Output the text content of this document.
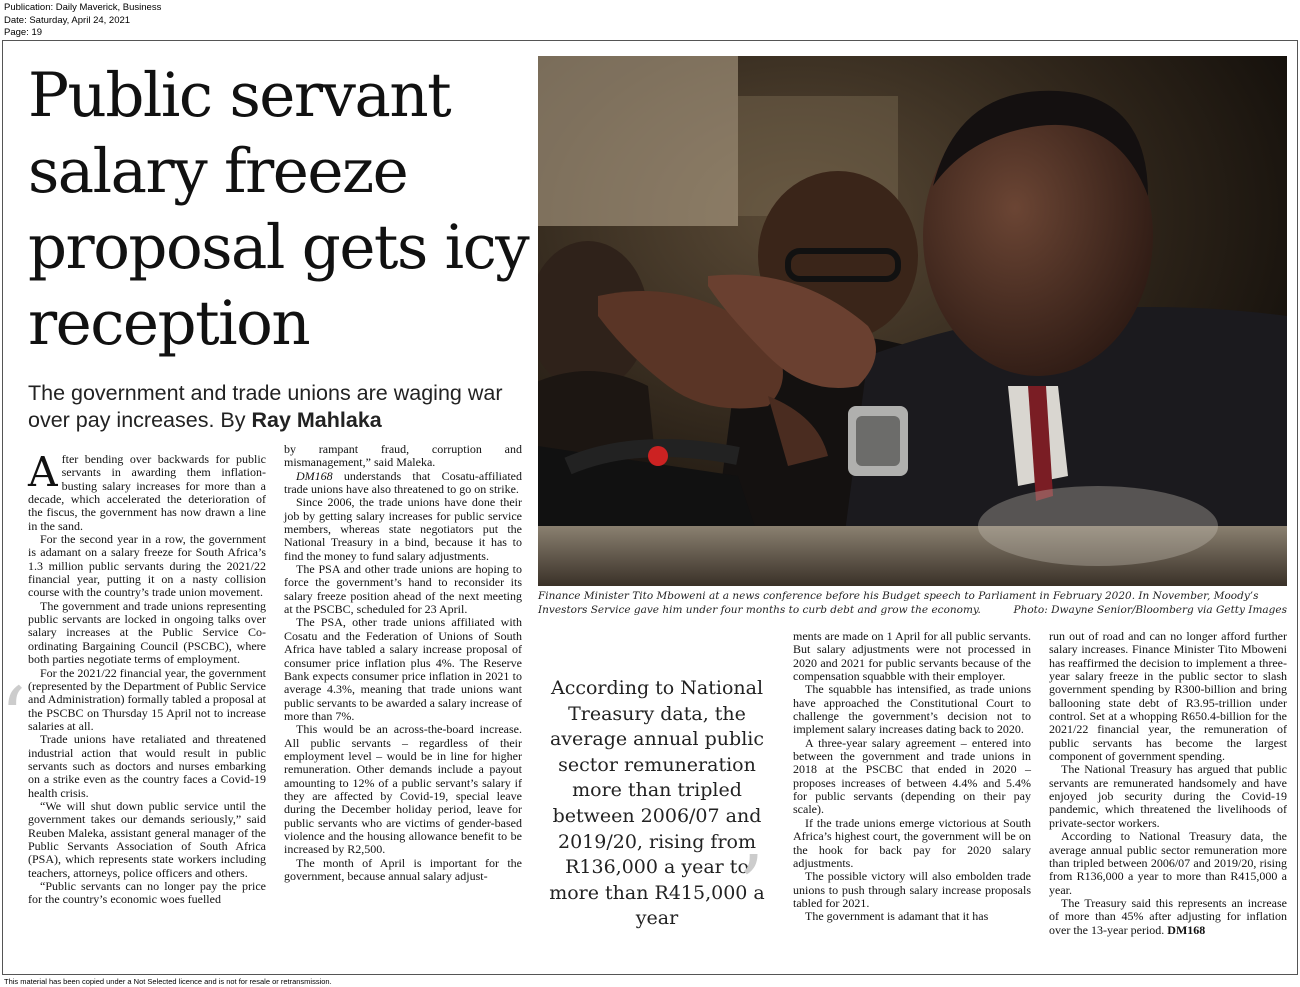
Publication: Daily Maverick, Business
Date: Saturday, April 24, 2021
Page: 19
Public servant salary freeze proposal gets icy reception
The government and trade unions are waging war over pay increases. By Ray Mahlaka
Finance Minister Tito Mboweni at a news conference before his Budget speech to Parliament in February 2020. In November, Moody’s Investors Service gave him under four months to curb debt and grow the economy.	Photo: Dwayne Senior/Bloomberg via Getty Images

After bending over backwards for public servants in awarding them inflation-busting salary increases for more than a decade, which accelerated the deterioration of the fiscus, the government has now drawn a line in the sand.

For the second year in a row, the government is adamant on a salary freeze for South Africa’s 1.3 million public servants during the 2021/22 financial year, putting it on a nasty collision course with the country’s trade union movement.

The government and trade unions representing public servants are locked in ongoing talks over salary increases at the Public Service Co-ordinating Bargaining Council (PSCBC), where both parties negotiate terms of employment.

For the 2021/22 financial year, the government (represented by the Department of Public Service and Administration) formally tabled a proposal at the PSCBC on Thursday 15 April not to increase salaries at all.

Trade unions have retaliated and threatened industrial action that would result in public servants such as doctors and nurses embarking on a strike even as the country faces a Covid-19 health crisis.

“We will shut down public service until the government takes our demands seriously,” said Reuben Maleka, assistant general manager of the Public Servants Association of South Africa (PSA), which represents state workers including teachers, attorneys, police officers and others.

“Public servants can no longer pay the price for the country’s economic woes fuelled

by rampant fraud, corruption and mismanagement,” said Maleka.

DM168 understands that Cosatu-affiliated trade unions have also threatened to go on strike.

Since 2006, the trade unions have done their job by getting salary increases for public service members, whereas state negotiators put the National Treasury in a bind, because it has to find the money to fund salary adjustments.

The PSA and other trade unions are hoping to force the government’s hand to reconsider its salary freeze position ahead of the next meeting at the PSCBC, scheduled for 23 April.

The PSA, other trade unions affiliated with Cosatu and the Federation of Unions of South Africa have tabled a salary increase proposal of consumer price inflation plus 4%. The Reserve Bank expects consumer price inflation in 2021 to average 4.3%, meaning that trade unions want public servants to be awarded a salary increase of more than 7%.

This would be an across-the-board increase. All public servants – regardless of their employment level – would be in line for higher remuneration. Other demands include a payout amounting to 12% of a public servant’s salary if they are affected by Covid-19, special leave during the December holiday period, leave for public servants who are victims of gender-based violence and the housing allowance benefit to be increased by R2,500.

The month of April is important for the government, because annual salary adjust-

‘	According to National Treasury data, the average annual public sector remuneration more than tripled between 2006/07 and 2019/20, rising from R136,000 a year to more than R415,000 a year ’

ments are made on 1 April for all public servants. But salary adjustments were not processed in 2020 and 2021 for public servants because of the compensation squabble with their employer.

The squabble has intensified, as trade unions have approached the Constitutional Court to challenge the government’s decision not to implement salary increases dating back to 2020.

A three-year salary agreement – entered into between the government and trade unions in 2018 at the PSCBC that ended in 2020 – proposes increases of between 4.4% and 5.4% for public servants (depending on their pay scale).

If the trade unions emerge victorious at South Africa’s highest court, the government will be on the hook for back pay for 2020 salary adjustments.

The possible victory will also embolden trade unions to push through salary increase proposals tabled for 2021.

The government is adamant that it has

run out of road and can no longer afford further salary increases. Finance Minister Tito Mboweni has reaffirmed the decision to implement a three-year salary freeze in the public sector to slash government spending by R300-billion and bring ballooning state debt of R3.95-trillion under control. Set at a whopping R650.4-billion for the 2021/22 financial year, the remuneration of public servants has become the largest component of government spending.

The National Treasury has argued that public servants are remunerated handsomely and have enjoyed job security during the Covid-19 pandemic, which threatened the livelihoods of private-sector workers.

According to National Treasury data, the average annual public sector remuneration more than tripled between 2006/07 and 2019/20, rising from R136,000 a year to more than R415,000 a year.

The Treasury said this represents an increase of more than 45% after adjusting for inflation over the 13-year period. DM168

This material has been copied under a Not Selected licence and is not for resale or retransmission.
